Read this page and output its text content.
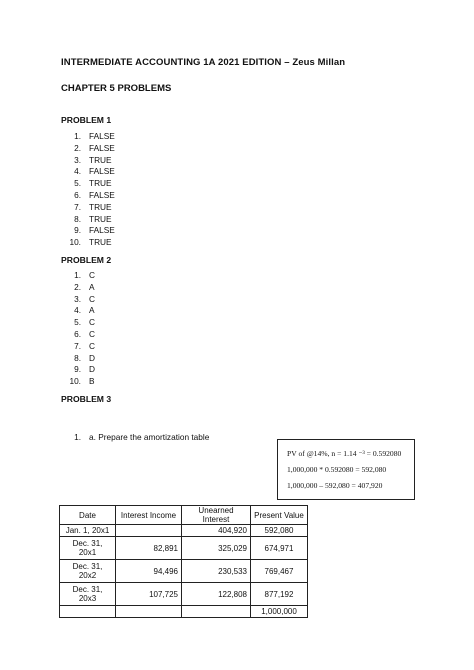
INTERMEDIATE ACCOUNTING 1A 2021 EDITION – Zeus Millan
CHAPTER 5 PROBLEMS
PROBLEM 1
1. FALSE
2. FALSE
3. TRUE
4. FALSE
5. TRUE
6. FALSE
7. TRUE
8. TRUE
9. FALSE
10. TRUE
PROBLEM 2
1. C
2. A
3. C
4. A
5. C
6. C
7. C
8. D
9. D
10. B
PROBLEM 3
1. a. Prepare the amortization table
PV of @14%, n = 1.14 ⁻³ = 0.592080
1,000,000 * 0.592080 = 592,080
1,000,000 – 592,080 = 407,920
Date	Interest Income	Unearned Interest	Present Value
Jan. 1, 20x1		404,920	592,080
Dec. 31, 20x1	82,891	325,029	674,971
Dec. 31, 20x2	94,496	230,533	769,467
Dec. 31, 20x3	107,725	122,808	877,192
			1,000,000
